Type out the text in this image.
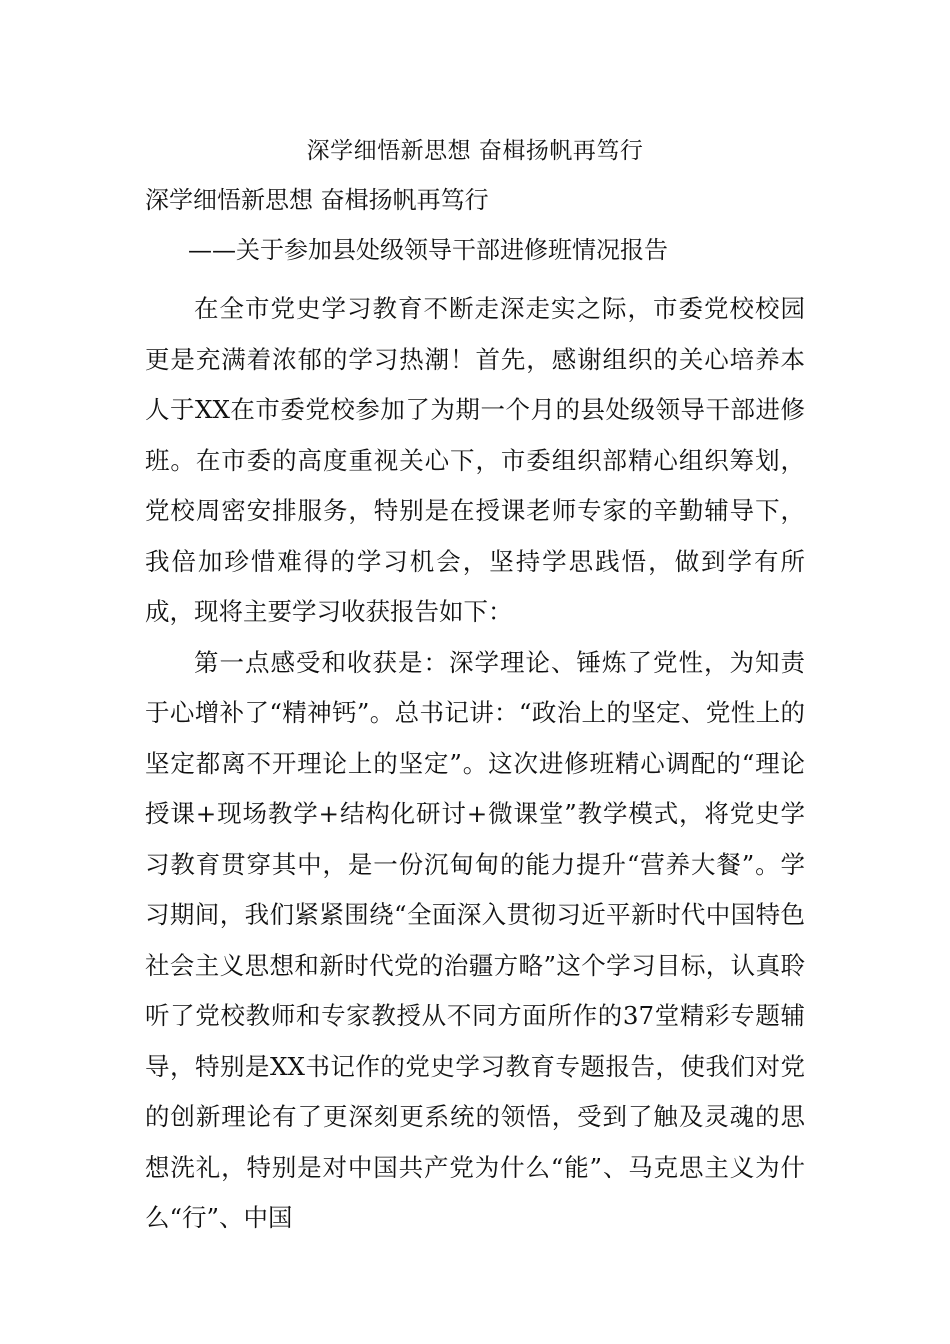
深学细悟新思想 奋楫扬帆再笃行
深学细悟新思想 奋楫扬帆再笃行
——关于参加县处级领导干部进修班情况报告

在全市党史学习教育不断走深走实之际，市委党校校园更是充满着浓郁的学习热潮！首先，感谢组织的关心培养本人于XX在市委党校参加了为期一个月的县处级领导干部进修班。在市委的高度重视关心下，市委组织部精心组织筹划，党校周密安排服务，特别是在授课老师专家的辛勤辅导下，我倍加珍惜难得的学习机会，坚持学思践悟，做到学有所成，现将主要学习收获报告如下：

第一点感受和收获是：深学理论、锤炼了党性，为知责于心增补了“精神钙”。总书记讲：“政治上的坚定、党性上的坚定都离不开理论上的坚定”。这次进修班精心调配的“理论授课+现场教学+结构化研讨+微课堂”教学模式，将党史学习教育贯穿其中，是一份沉甸甸的能力提升“营养大餐”。学习期间，我们紧紧围绕“全面深入贯彻习近平新时代中国特色社会主义思想和新时代党的治疆方略”这个学习目标，认真聆听了党校教师和专家教授从不同方面所作的37堂精彩专题辅导，特别是XX书记作的党史学习教育专题报告，使我们对党的创新理论有了更深刻更系统的领悟，受到了触及灵魂的思想洗礼，特别是对中国共产党为什么“能”、马克思主义为什么“行”、中国
